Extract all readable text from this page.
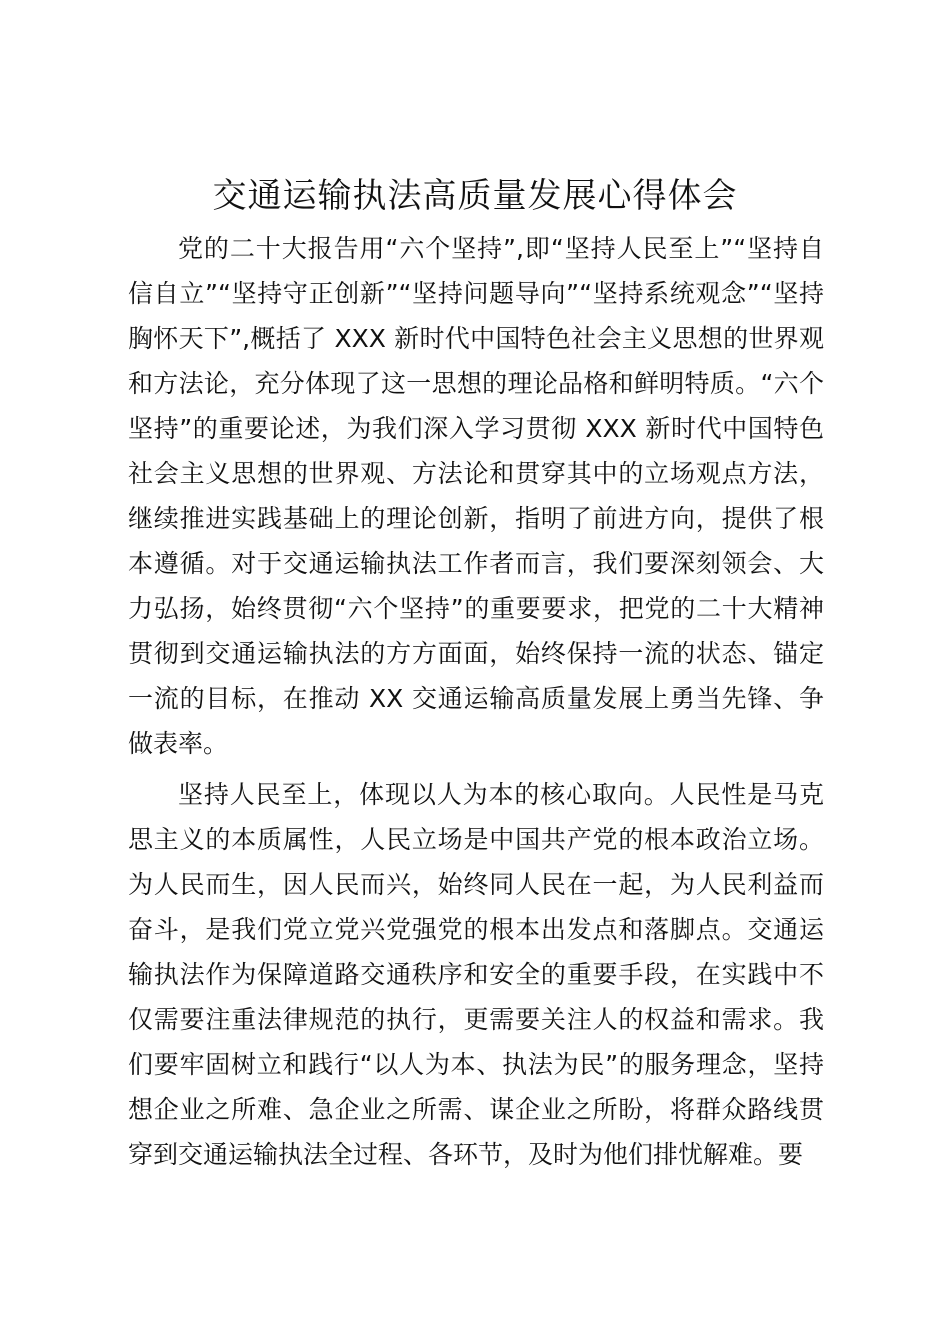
交通运输执法高质量发展心得体会

党的二十大报告用“六个坚持”,即“坚持人民至上”“坚持自信自立”“坚持守正创新”“坚持问题导向”“坚持系统观念”“坚持胸怀天下”,概括了 XXX 新时代中国特色社会主义思想的世界观和方法论，充分体现了这一思想的理论品格和鲜明特质。“六个坚持”的重要论述，为我们深入学习贯彻 XXX 新时代中国特色社会主义思想的世界观、方法论和贯穿其中的立场观点方法，继续推进实践基础上的理论创新，指明了前进方向，提供了根本遵循。对于交通运输执法工作者而言，我们要深刻领会、大力弘扬，始终贯彻“六个坚持”的重要要求，把党的二十大精神贯彻到交通运输执法的方方面面，始终保持一流的状态、锚定一流的目标，在推动 XX 交通运输高质量发展上勇当先锋、争做表率。

坚持人民至上，体现以人为本的核心取向。人民性是马克思主义的本质属性，人民立场是中国共产党的根本政治立场。为人民而生，因人民而兴，始终同人民在一起，为人民利益而奋斗，是我们党立党兴党强党的根本出发点和落脚点。交通运输执法作为保障道路交通秩序和安全的重要手段，在实践中不仅需要注重法律规范的执行，更需要关注人的权益和需求。我们要牢固树立和践行“以人为本、执法为民”的服务理念，坚持想企业之所难、急企业之所需、谋企业之所盼，将群众路线贯穿到交通运输执法全过程、各环节，及时为他们排忧解难。要
